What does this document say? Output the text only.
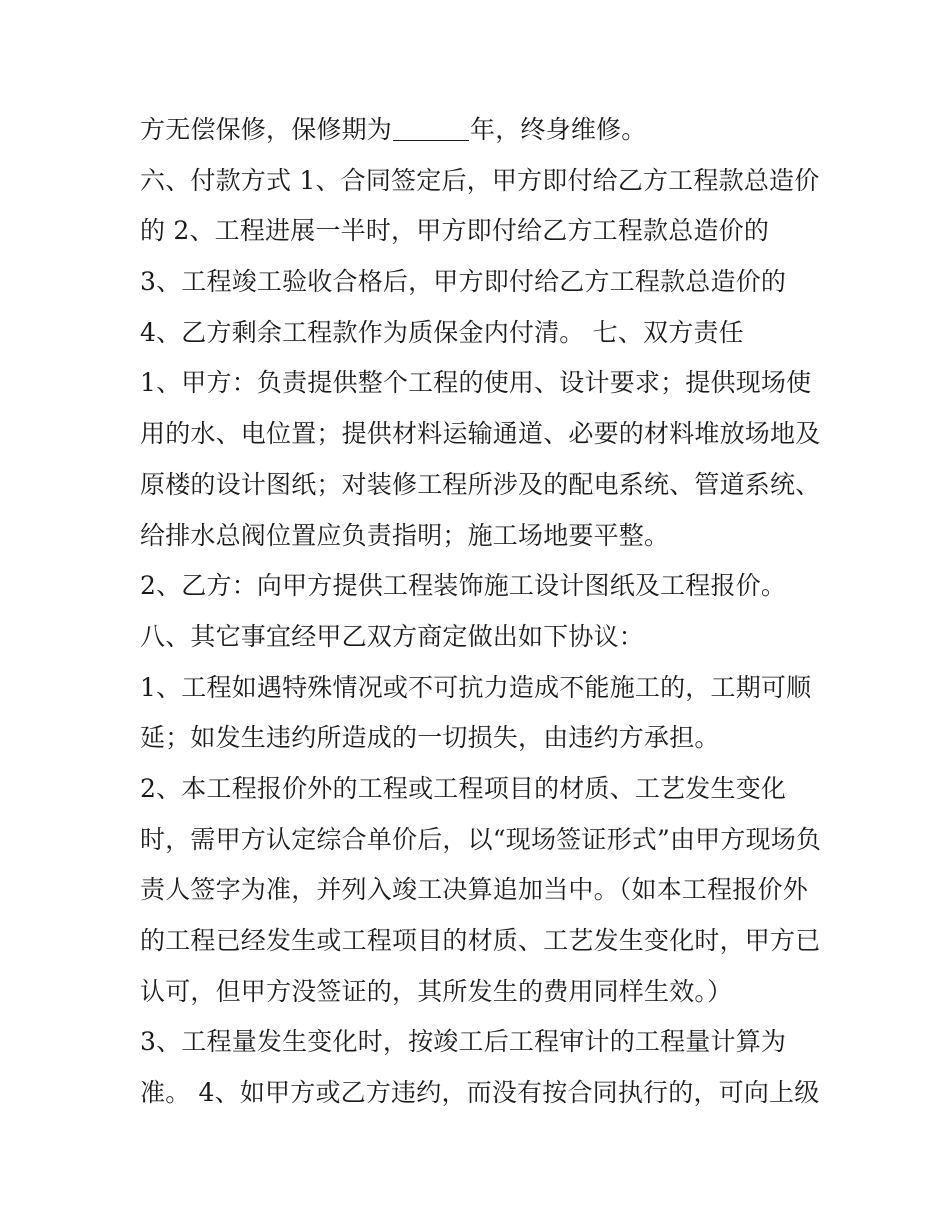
方无偿保修，保修期为	年，终身维修。
六、付款方式 1、合同签定后，甲方即付给乙方工程款总造价
的 2、工程进展一半时，甲方即付给乙方工程款总造价的
3、工程竣工验收合格后，甲方即付给乙方工程款总造价的
4、乙方剩余工程款作为质保金内付清。 七、双方责任
1、甲方：负责提供整个工程的使用、设计要求；提供现场使
用的水、电位置；提供材料运输通道、必要的材料堆放场地及
原楼的设计图纸；对装修工程所涉及的配电系统、管道系统、
给排水总阀位置应负责指明；施工场地要平整。
2、乙方：向甲方提供工程装饰施工设计图纸及工程报价。
八、其它事宜经甲乙双方商定做出如下协议：
1、工程如遇特殊情况或不可抗力造成不能施工的，工期可顺
延；如发生违约所造成的一切损失，由违约方承担。
2、本工程报价外的工程或工程项目的材质、工艺发生变化
时，需甲方认定综合单价后，以“现场签证形式”由甲方现场负
责人签字为准，并列入竣工决算追加当中。（如本工程报价外
的工程已经发生或工程项目的材质、工艺发生变化时，甲方已
认可，但甲方没签证的，其所发生的费用同样生效。）
3、工程量发生变化时，按竣工后工程审计的工程量计算为
准。 4、如甲方或乙方违约，而没有按合同执行的，可向上级
